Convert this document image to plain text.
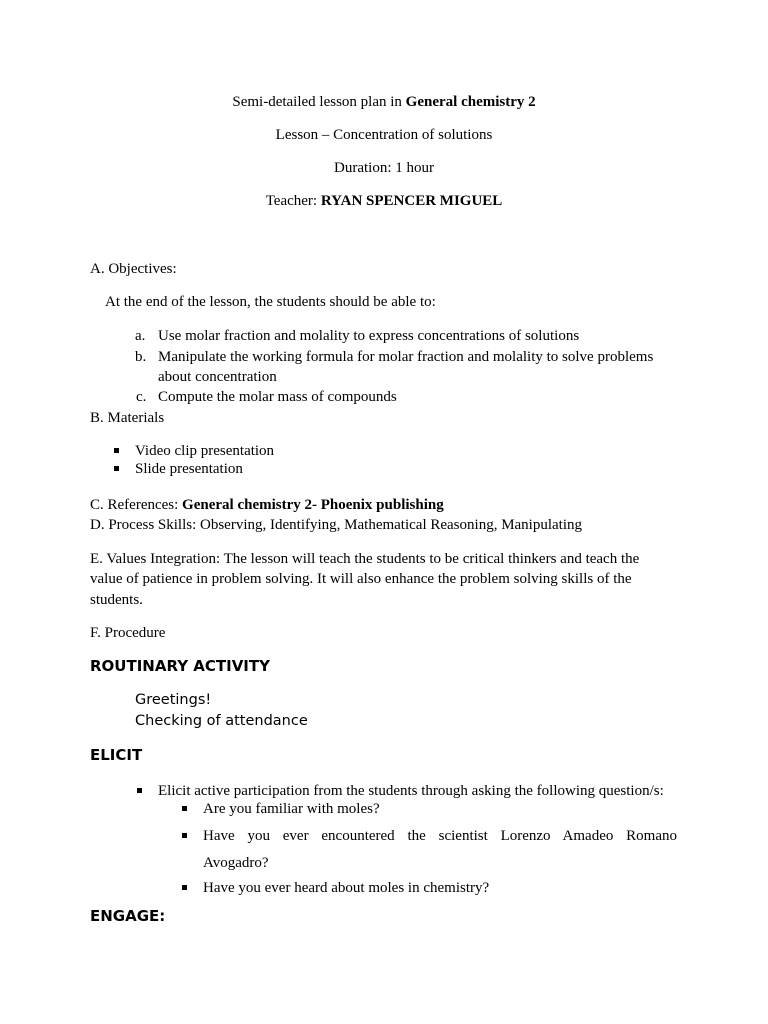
Semi-detailed lesson plan in General chemistry 2
Lesson – Concentration of solutions
Duration: 1 hour
Teacher: RYAN SPENCER MIGUEL
A. Objectives:
At the end of the lesson, the students should be able to:
a. Use molar fraction and molality to express concentrations of solutions
b. Manipulate the working formula for molar fraction and molality to solve problems
about concentration
c. Compute the molar mass of compounds
B. Materials
Video clip presentation
Slide presentation
C. References: General chemistry 2- Phoenix publishing
D. Process Skills: Observing, Identifying, Mathematical Reasoning, Manipulating
E. Values Integration: The lesson will teach the students to be critical thinkers and teach the
value of patience in problem solving. It will also enhance the problem solving skills of the
students.
F. Procedure
ROUTINARY ACTIVITY
Greetings!
Checking of attendance
ELICIT
Elicit active participation from the students through asking the following question/s:
Are you familiar with moles?
Have you ever encountered the scientist Lorenzo Amadeo Romano
Avogadro?
Have you ever heard about moles in chemistry?
ENGAGE:
